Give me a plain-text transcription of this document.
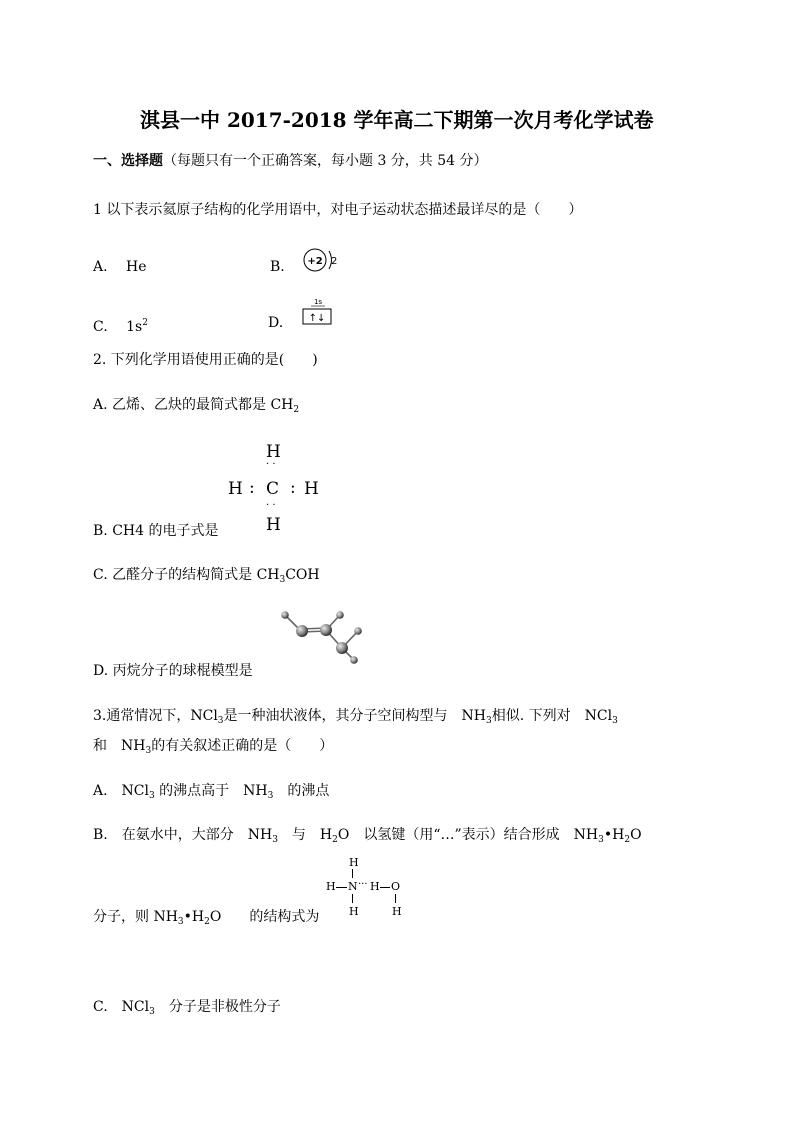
淇县一中 2017-2018 学年高二下期第一次月考化学试卷
一、选择题（每题只有一个正确答案，每小题 3 分，共 54 分）
1 以下表示氦原子结构的化学用语中，对电子运动状态描述最详尽的是（　　）
A. He	B. +2 2
C. $1s^2$	D.
1s
↑↓
2. 下列化学用语使用正确的是(　　)
A. 乙烯、乙炔的最简式都是 $CH_2$
H
· ·
H : C : H
· ·
H
B. CH4 的电子式是
C. 乙醛分子的结构简式是 $CH_3COH$
D. 丙烷分子的球棍模型是
3.通常情况下，NCl$_3$是一种油状液体，其分子空间构型与　$NH_3$相似. 下列对　NCl$_3$
和　$NH_3$的有关叙述正确的是（　　）
A.　NCl$_3$ 的沸点高于　$NH_3$　的沸点
B.　在氨水中，大部分　$NH_3$　与　$H_2O$　以氢键（用“…”表示）结合形成　$NH_3•H_2O$
H
H N ··· H O
H	H
分子，则 $NH_3•H_2O$　　的结构式为
C.　NCl$_3$　分子是非极性分子
